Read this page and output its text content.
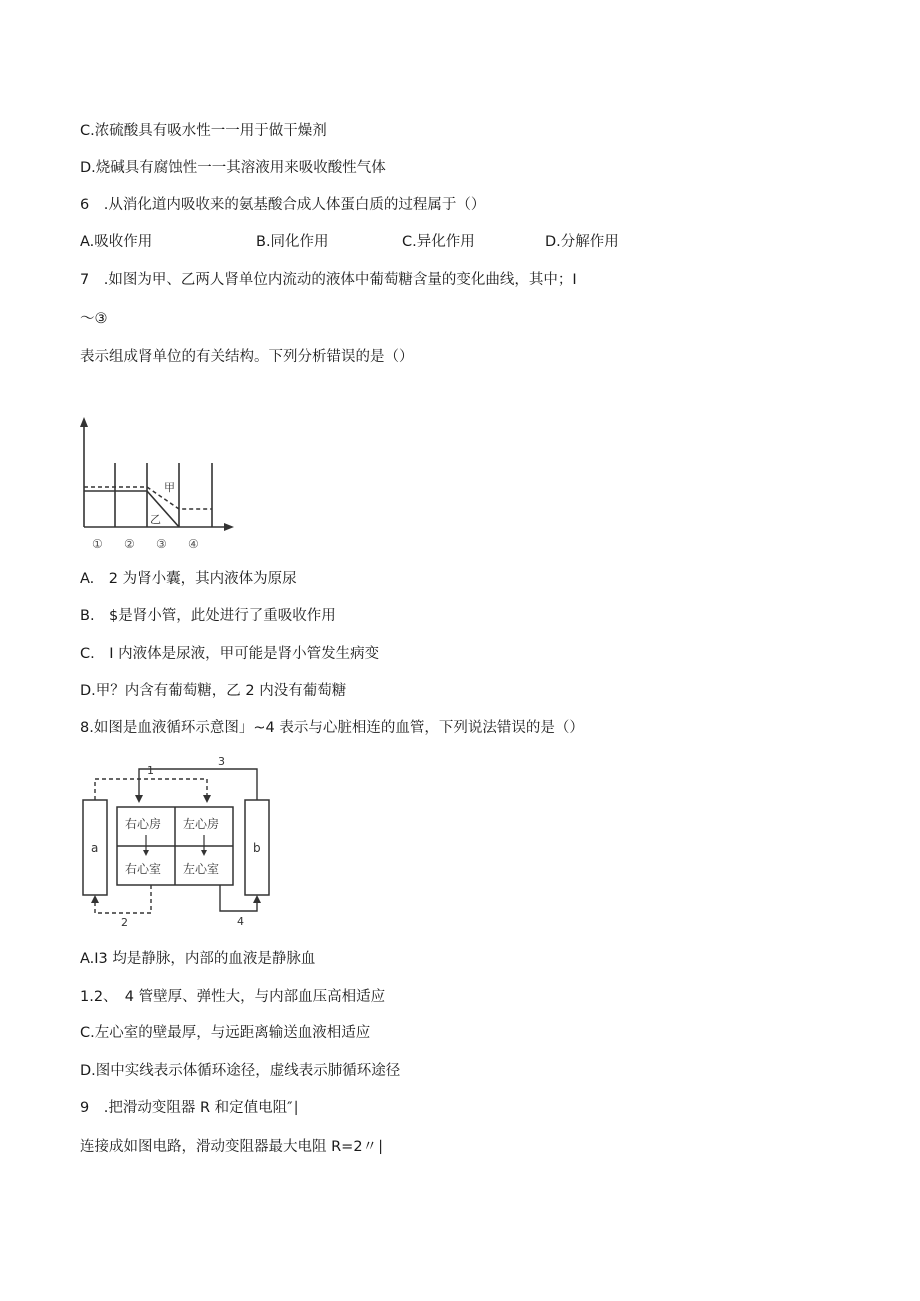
C.浓硫酸具有吸水性一一用于做干燥剂
D.烧碱具有腐蚀性一一其溶液用来吸收酸性气体
6　.从消化道内吸收来的氨基酸合成人体蛋白质的过程属于（）
A.吸收作用	B.同化作用	C.异化作用	D.分解作用
7　.如图为甲、乙两人肾单位内流动的液体中葡萄糖含量的变化曲线，其中；I
〜③
表示组成肾单位的有关结构。下列分析错误的是（）
甲
乙
① ② ③ ④
A.　2 为肾小囊，其内液体为原尿
B.　$是肾小管，此处进行了重吸收作用
C.　I 内液体是尿液，甲可能是肾小管发生病变
D.甲？内含有葡萄糖，乙 2 内没有葡萄糖
8.如图是血液循环示意图」~4 表示与心脏相连的血管，下列说法错误的是（）
右心房 左心房
右心室 左心室
a	b
1
2
3
4
A.I3 均是静脉，内部的血液是静脉血
1.2、　4 管壁厚、弹性大，与内部血压高相适应
C.左心室的壁最厚，与远距离输送血液相适应
D.图中实线表示体循环途径，虚线表示肺循环途径
9　.把滑动变阻器 R 和定值电阻″∣
连接成如图电路，滑动变阻器最大电阻 R=2〃∣
